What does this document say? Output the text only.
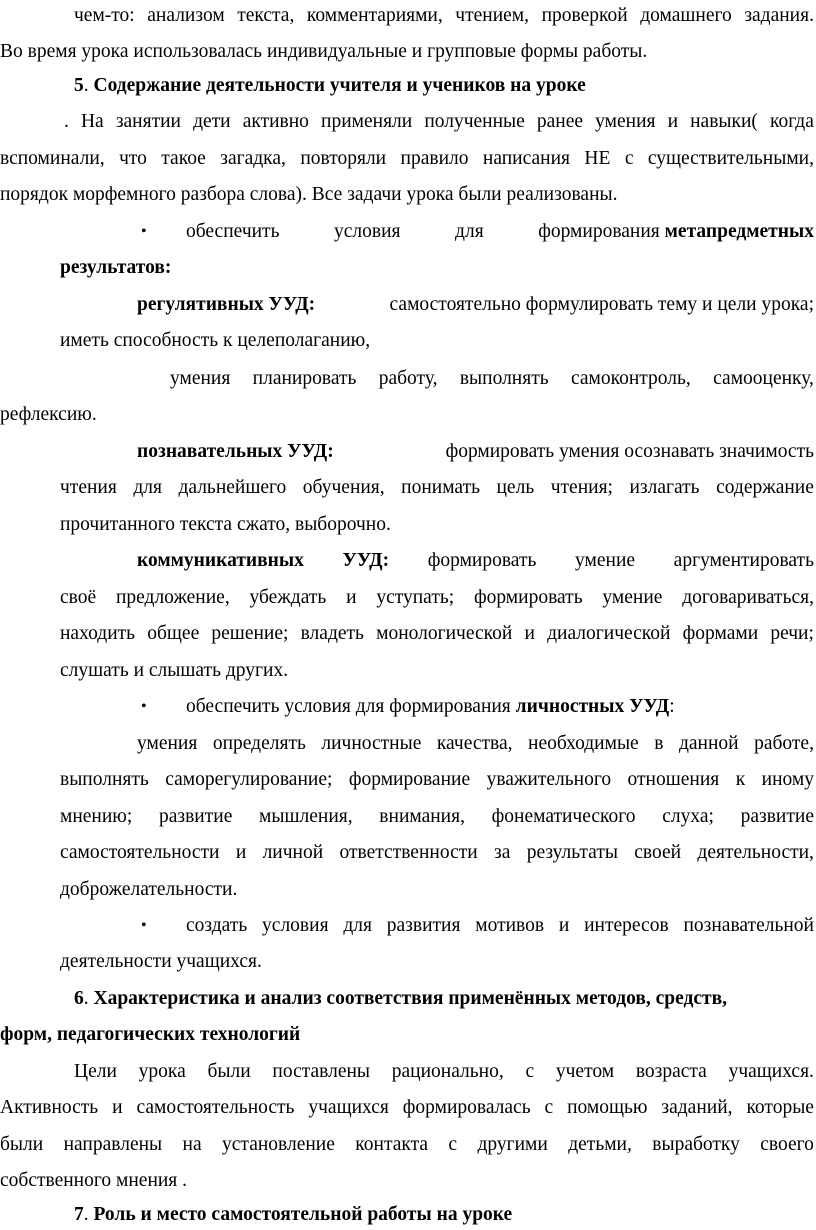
чем-то: анализом текста, комментариями, чтением, проверкой домашнего задания.
Во время урока использовалась индивидуальные и групповые формы работы.
5. Содержание деятельности учителя и учеников на уроке
. На занятии дети активно применяли полученные ранее умения и навыки( когда
вспоминали, что такое загадка, повторяли правило написания НЕ с существительными,
порядок морфемного разбора слова). Все задачи урока были реализованы.
• обеспечить	условия	для	формирования метапредметных
результатов:
регулятивных УУД:	самостоятельно формулировать тему и цели урока;
иметь способность к целеполаганию,
умения планировать работу, выполнять самоконтроль, самооценку,
рефлексию.
познавательных УУД:	формировать умения осознавать значимость
чтения для дальнейшего обучения, понимать цель чтения; излагать содержание
прочитанного текста сжато, выборочно.
коммуникативных УУД: формировать умение аргументировать
своё предложение, убеждать и уступать; формировать умение договариваться,
находить общее решение; владеть монологической и диалогической формами речи;
слушать и слышать других.
• обеспечить условия для формирования личностных УУД:
умения определять личностные качества, необходимые в данной работе,
выполнять саморегулирование; формирование уважительного отношения к иному
мнению; развитие мышления, внимания, фонематического слуха; развитие
самостоятельности и личной ответственности за результаты своей деятельности,
доброжелательности.
• создать условия для развития мотивов и интересов познавательной
деятельности учащихся.
6. Характеристика и анализ соответствия применённых методов, средств,
форм, педагогических технологий
Цели урока были поставлены рационально, с учетом возраста учащихся.
Активность и самостоятельность учащихся формировалась с помощью заданий, которые
были направлены на установление контакта с другими детьми, выработку своего
собственного мнения .
7. Роль и место самостоятельной работы на уроке
